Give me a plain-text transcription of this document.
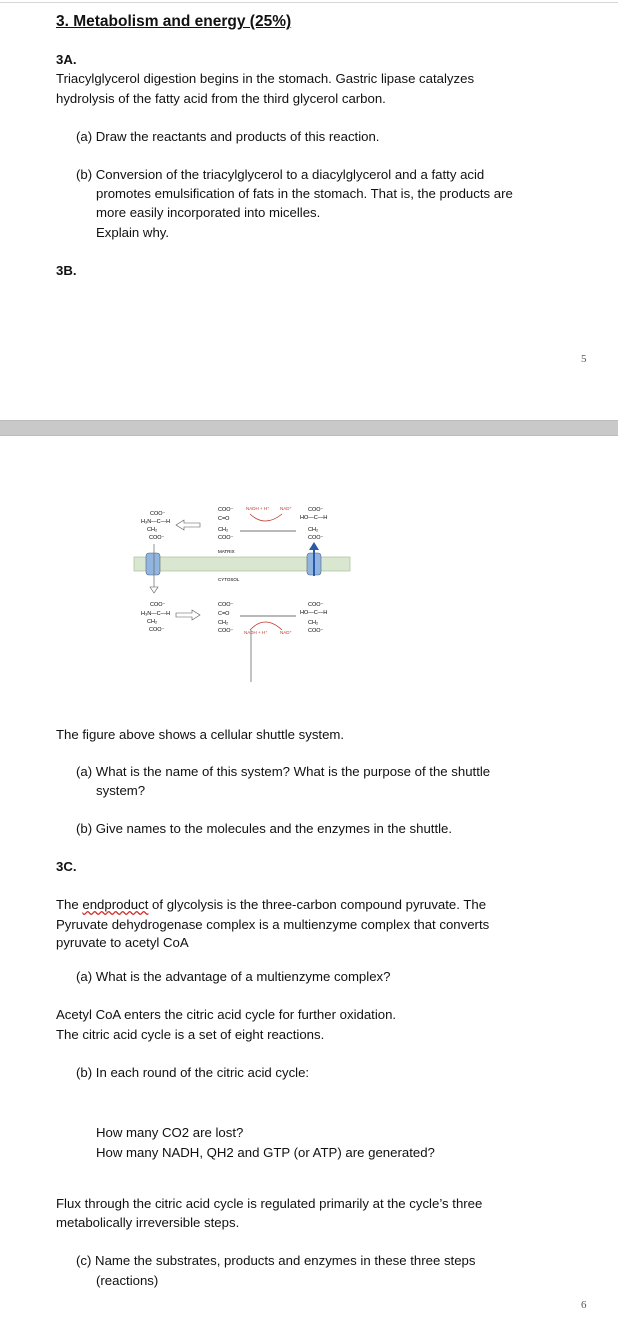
3. Metabolism and energy (25%)
3A.
Triacylglycerol digestion begins in the stomach. Gastric lipase catalyzes
hydrolysis of the fatty acid from the third glycerol carbon.
(a) Draw the reactants and products of this reaction.
(b) Conversion of the triacylglycerol to a diacylglycerol and a fatty acid
promotes emulsification of fats in the stomach. That is, the products are
more easily incorporated into micelles.
Explain why.
3B.
5
COO⁻
H₃N—C—H
CH₂
COO⁻
COO⁻
C=O
CH₂
COO⁻
COO⁻
HO—C—H
CH₂
COO⁻
NADH + H⁺ NAD⁺
MATRIX
CYTOSOL
COO⁻
H₃N—C—H
CH₂
COO⁻
COO⁻
C=O
CH₂
COO⁻
COO⁻
HO—C—H
CH₂
COO⁻
NADH + H⁺	NAD⁺
The figure above shows a cellular shuttle system.
(a) What is the name of this system? What is the purpose of the shuttle
system?
(b) Give names to the molecules and the enzymes in the shuttle.
3C.
The endproduct of glycolysis is the three-carbon compound pyruvate. The
Pyruvate dehydrogenase complex is a multienzyme complex that converts
pyruvate to acetyl CoA
(a) What is the advantage of a multienzyme complex?
Acetyl CoA enters the citric acid cycle for further oxidation.
The citric acid cycle is a set of eight reactions.
(b) In each round of the citric acid cycle:
How many CO2 are lost?
How many NADH, QH2 and GTP (or ATP) are generated?
Flux through the citric acid cycle is regulated primarily at the cycle’s three
metabolically irreversible steps.
(c) Name the substrates, products and enzymes in these three steps
(reactions)
6
